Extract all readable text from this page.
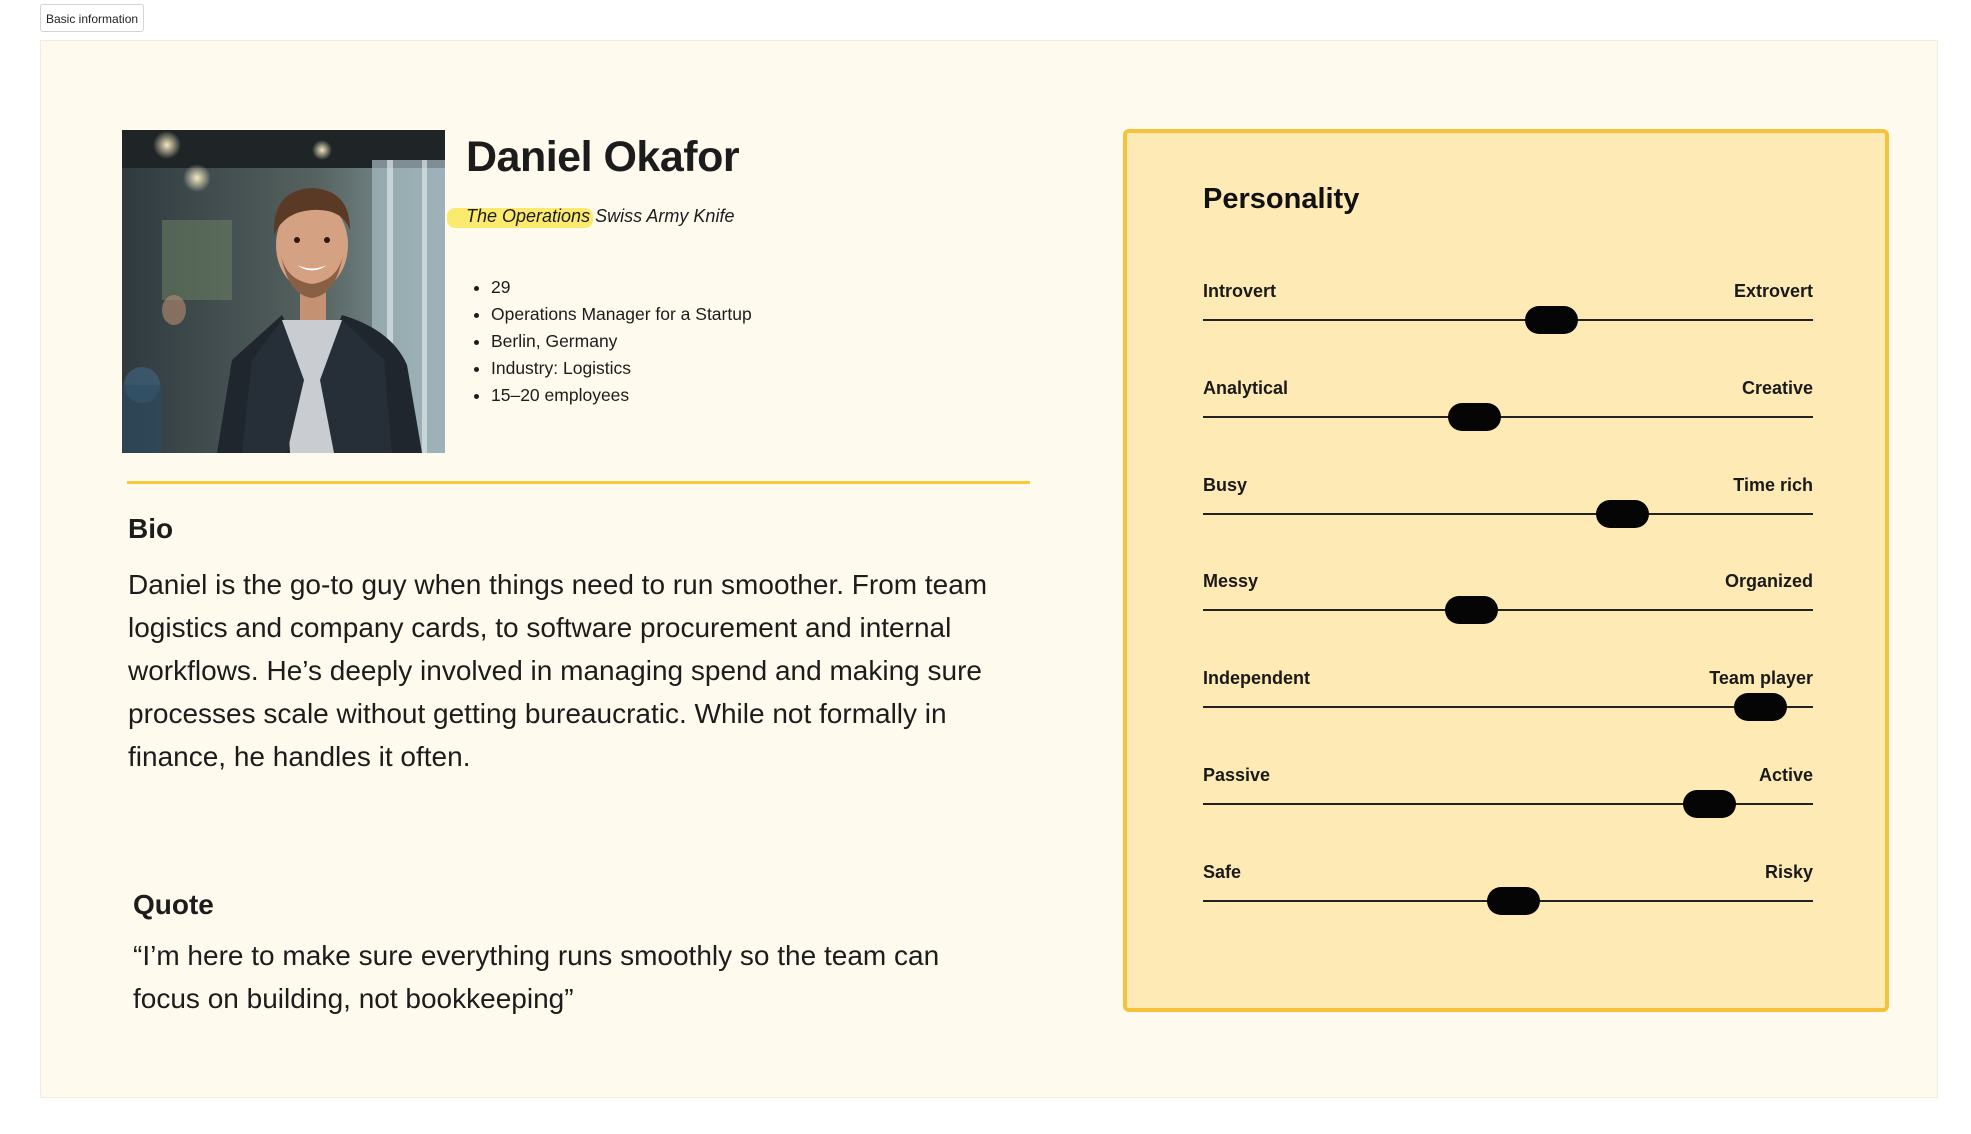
Basic information
Daniel Okafor
The Operations Swiss Army Knife
• 29
• Operations Manager for a Startup
• Berlin, Germany
• Industry: Logistics
• 15–20 employees
Bio

Daniel is the go-to guy when things need to run smoother. From team logistics and company cards, to software procurement and internal workflows. He’s deeply involved in managing spend and making sure processes scale without getting bureaucratic. While not formally in finance, he handles it often.

Quote

“I’m here to make sure everything runs smoothly so the team can focus on building, not bookkeeping”

Personality
Introvert	Extrovert
Analytical	Creative
Busy	Time rich
Messy	Organized
Independent	Team player
Passive	Active
Safe	Risky
